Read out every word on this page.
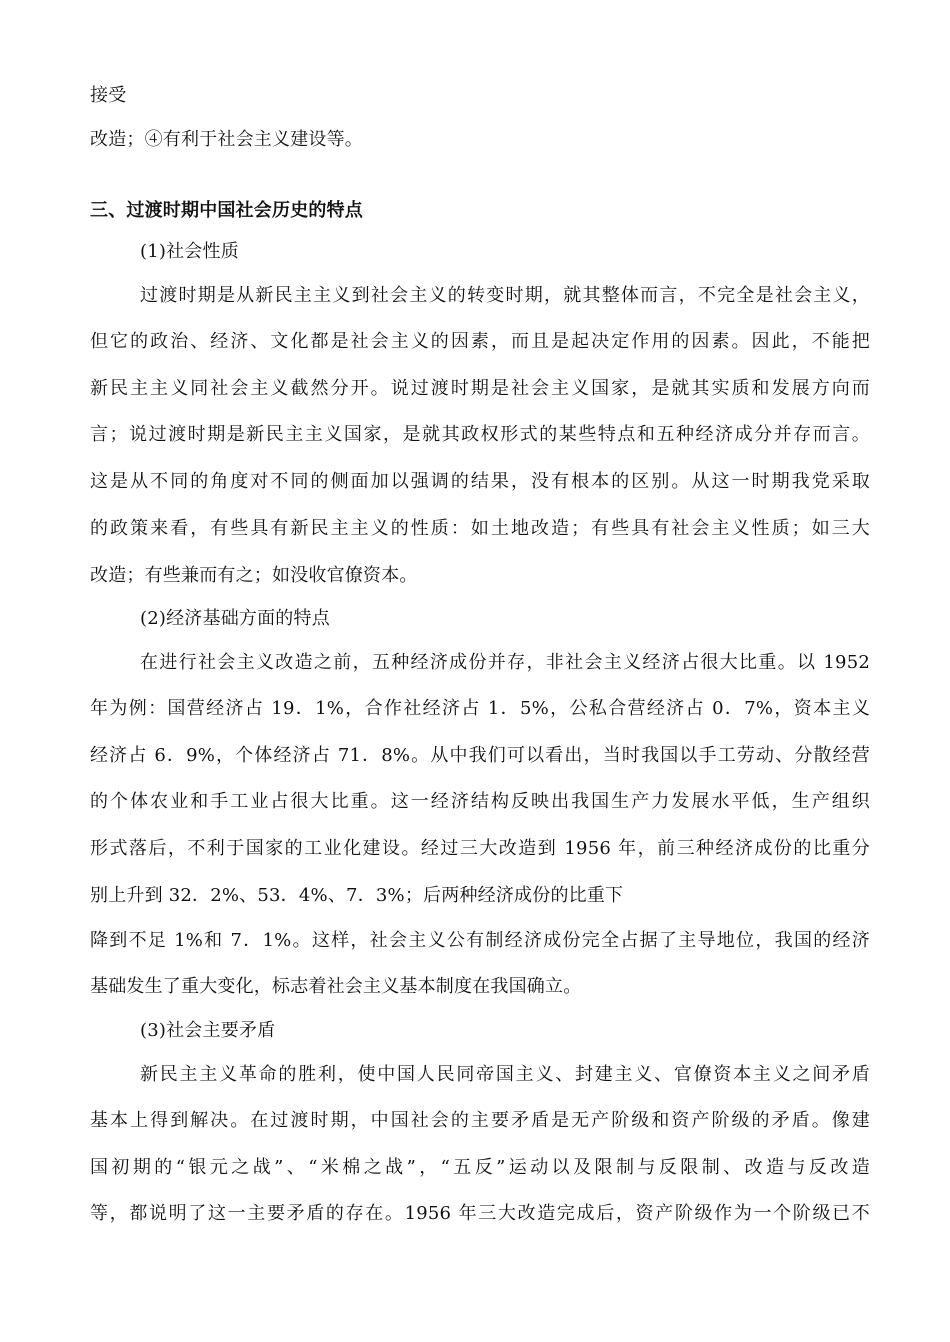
接受
改造；④有利于社会主义建设等。
三、过渡时期中国社会历史的特点
(1)社会性质
过渡时期是从新民主主义到社会主义的转变时期，就其整体而言，不完全是社会主义，
但它的政治、经济、文化都是社会主义的因素，而且是起决定作用的因素。因此，不能把
新民主主义同社会主义截然分开。说过渡时期是社会主义国家，是就其实质和发展方向而
言；说过渡时期是新民主主义国家，是就其政权形式的某些特点和五种经济成分并存而言。
这是从不同的角度对不同的侧面加以强调的结果，没有根本的区别。从这一时期我党采取
的政策来看，有些具有新民主主义的性质：如土地改造；有些具有社会主义性质；如三大
改造；有些兼而有之；如没收官僚资本。
(2)经济基础方面的特点
在进行社会主义改造之前，五种经济成份并存，非社会主义经济占很大比重。以 1952
年为例：国营经济占 19．1%，合作社经济占 1．5%，公私合营经济占 0．7%，资本主义
经济占 6．9%，个体经济占 71．8%。从中我们可以看出，当时我国以手工劳动、分散经营
的个体农业和手工业占很大比重。这一经济结构反映出我国生产力发展水平低，生产组织
形式落后，不利于国家的工业化建设。经过三大改造到 1956 年，前三种经济成份的比重分
别上升到 32．2%、53．4%、7．3%；后两种经济成份的比重下
降到不足 1%和 7．1%。这样，社会主义公有制经济成份完全占据了主导地位，我国的经济
基础发生了重大变化，标志着社会主义基本制度在我国确立。
(3)社会主要矛盾
新民主主义革命的胜利，使中国人民同帝国主义、封建主义、官僚资本主义之间矛盾
基本上得到解决。在过渡时期，中国社会的主要矛盾是无产阶级和资产阶级的矛盾。像建
国初期的“银元之战”、“米棉之战”，“五反”运动以及限制与反限制、改造与反改造
等，都说明了这一主要矛盾的存在。1956 年三大改造完成后，资产阶级作为一个阶级已不
